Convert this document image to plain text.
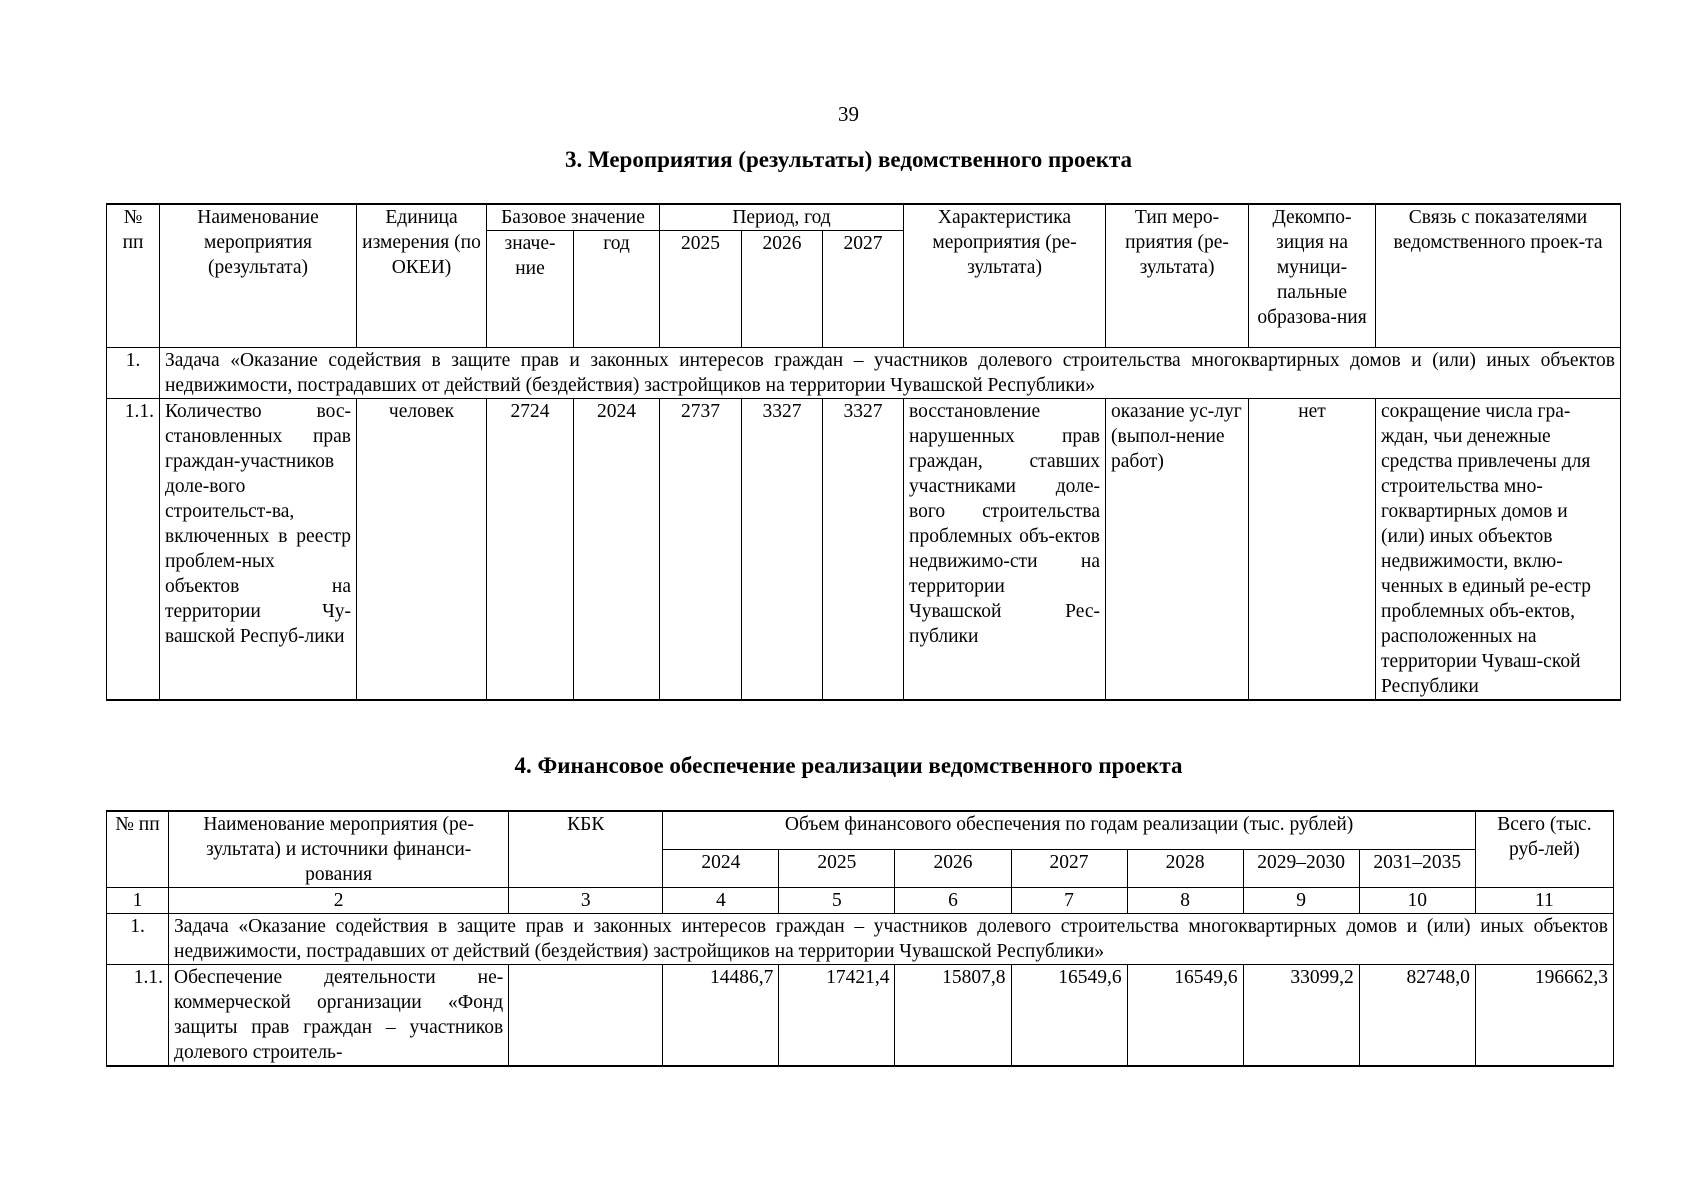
39
3. Мероприятия (результаты) ведомственного проекта
№ пп	Наименование мероприятия (результата)	Единица измерения (по ОКЕИ)	Базовое значение		Период, год			Характеристика мероприятия (ре-зультата)	Тип меро-приятия (ре-зультата)	Декомпо-зиция на муници-пальные образова-ния	Связь с показателями ведомственного проек-та
			значе-ние	год	2025	2026	2027				

1.	Задача «Оказание содействия в защите прав и законных интересов граждан – участников долевого строительства многоквартирных домов и (или) иных объектов недвижимости, пострадавших от действий (бездействия) застройщиков на территории Чувашской Республики»										
1.1.	Количество вос-становленных прав граждан-участников доле-вого строительст-ва, включенных в реестр проблем-ных объектов на территории Чу-вашской Респуб-лики	человек	2724	2024	2737	3327	3327	восстановление нарушенных прав граждан, ставших участниками доле-вого строительства проблемных объ-ектов недвижимо-сти на территории Чувашской Рес-публики	оказание ус-луг (выпол-нение работ)	нет	сокращение числа гра-ждан, чьи денежные средства привлечены для строительства мно-гоквартирных домов и (или) иных объектов недвижимости, вклю-ченных в единый ре-естр проблемных объ-ектов, расположенных на территории Чуваш-ской Республики
4. Финансовое обеспечение реализации ведомственного проекта
№ пп	Наименование мероприятия (ре-зультата) и источники финанси-рования	КБК	Объем финансового обеспечения по годам реализации (тыс. рублей)							Всего (тыс. руб-лей)
			2024	2025	2026	2027	2028	2029–2030	2031–2035	
1	2	3	4	5	6	7	8	9	10	11
1.	Задача «Оказание содействия в защите прав и законных интересов граждан – участников долевого строительства многоквартирных домов и (или) иных объектов недвижимости, пострадавших от действий (бездействия) застройщиков на территории Чувашской Республики»									
1.1.	Обеспечение деятельности не-коммерческой организации «Фонд защиты прав граждан – участников долевого строитель-		14486,7	17421,4	15807,8	16549,6	16549,6	33099,2	82748,0	196662,3
